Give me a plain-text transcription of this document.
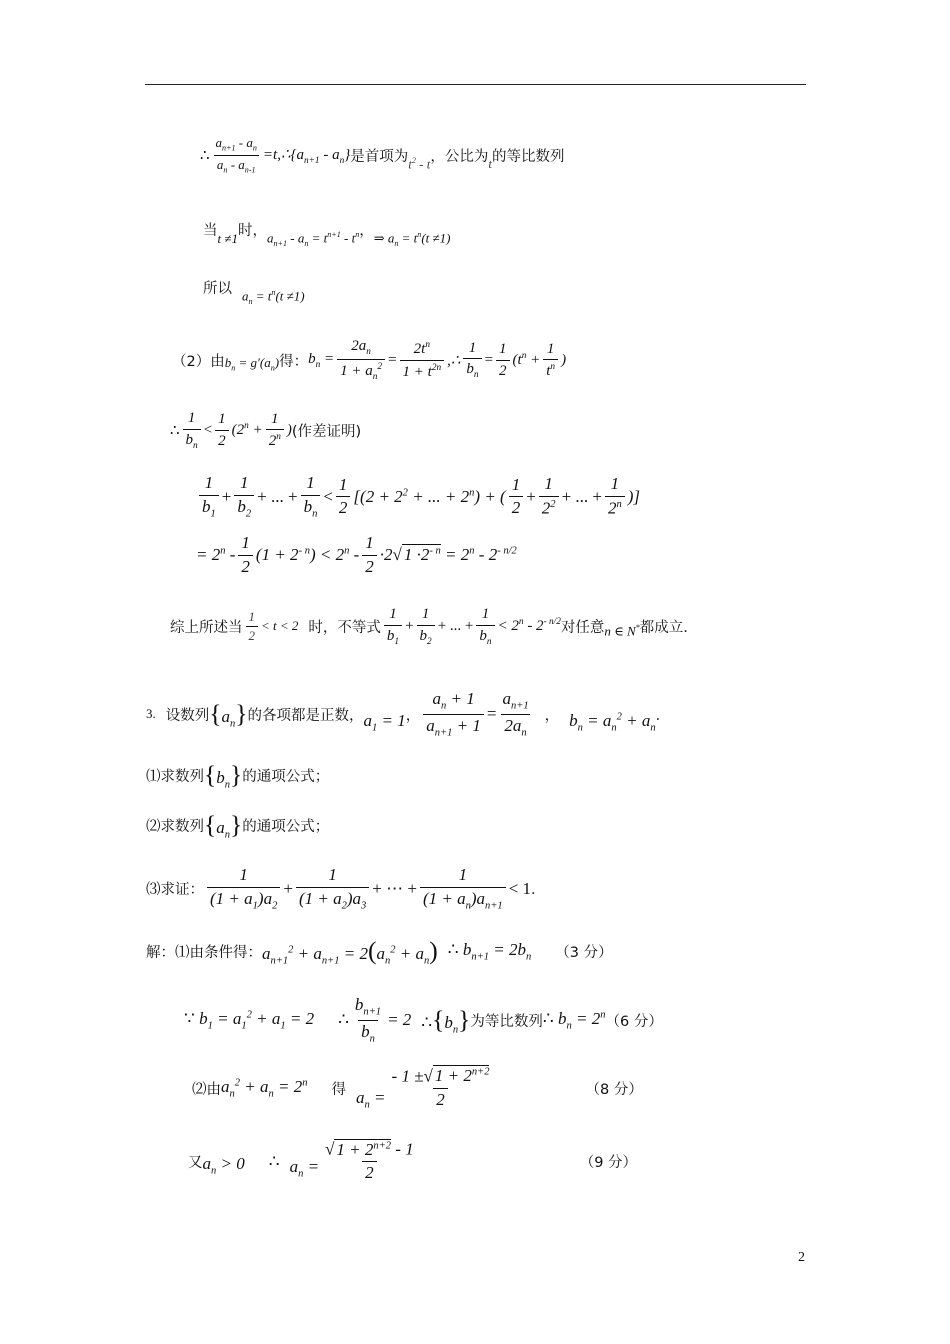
∴ $\frac{a_{n+1} - a_n}{a_n - a_{n-1}}$ $=t,\therefore\{a_{n+1} - a_n\}$ 是首项为 $t^2$ - t ，公比为 t 的等比数列
当 t ≠1 时， $a_{n+1} - a_n = t^{n+1} - t^n$ ， ⇒ $a_n = t^n(t \ne 1)$
所以 $a_n = t^n(t \ne 1)$
（2）由 $b_n = g'(a_n)$ 得： $b_n = \frac{2a_n}{1 + a_n^2} = \frac{2t^n}{1 + t^{2n}}$ ,∴ $\frac{1}{b_n} = \frac{1}{2} (t^n + \frac{1}{t^n}$ )
∴ $\frac{1}{b_n} < \frac{1}{2} (2^n + \frac{1}{2^n}$ ) (作差证明)
$\frac{1}{b_1} + \frac{1}{b_2}$ + ... + $\frac{1}{b_n} < \frac{1}{2} [(2 + 2^2$ + ... + $2^n$) + ( $\frac{1}{2} + \frac{1}{2^2}$ + ... + $\frac{1}{2^n}$ )]
= $2^n - \frac{1}{2} (1 + 2^{- n}) < 2^n - \frac{1}{2} \cdot 2√$ $1 \cdot 2^{- n} = 2^n - 2^{- n/2}$
综上所述当 $\frac{1}{2} < t < 2$ 时，不等式 $\frac{1}{b_1} + \frac{1}{b_2}$ + ... + $\frac{1}{b_n} < 2^n - 2^{- n/2}$ 对任意 n ∈ N* 都成立.
3. 设数列 $\{a_n\}$ 的各项都是正数， $a_1 = 1$ ， $\frac{a_n + 1}{a_{n+1} + 1} = \frac{a_{n+1}}{2a_n}$ ， $b_n = a_n^2 + a_n$
．
⑴求数列 $\{b_n\}$ 的通项公式；
⑵求数列 $\{a_n\}$ 的通项公式；
⑶求证： $\frac{1}{(1 + a_1)a_2} + \frac{1}{(1 + a_2)a_3}$ + ⋯ + $\frac{1}{(1 + a_n)a_{n+1}} < 1$ ．
解：⑴由条件得： $a_{n+1}^2 + a_{n+1} = 2(a_n^2 + a_n)$ ∴ $b_{n+1} = 2b_n$ （3 分）
∵ $b_1 = a_1^2 + a_1 = 2$ ∴ $\frac{b_{n+1}}{b_n} = 2$ $\therefore\{b_n\}$ 为等比数列 ∴ $b_n = 2^n$ （6 分）
⑵由 $a_n^2 + a_n = 2^n$ 得 $a_n = \frac{- 1 \pm√ 1 + 2^{n+2}}{2}$	（8 分）
又 $a_n > 0$ ∴ $a_n = \frac{√ 1 + 2^{n+2} - 1}{2}$	（9 分）
2
